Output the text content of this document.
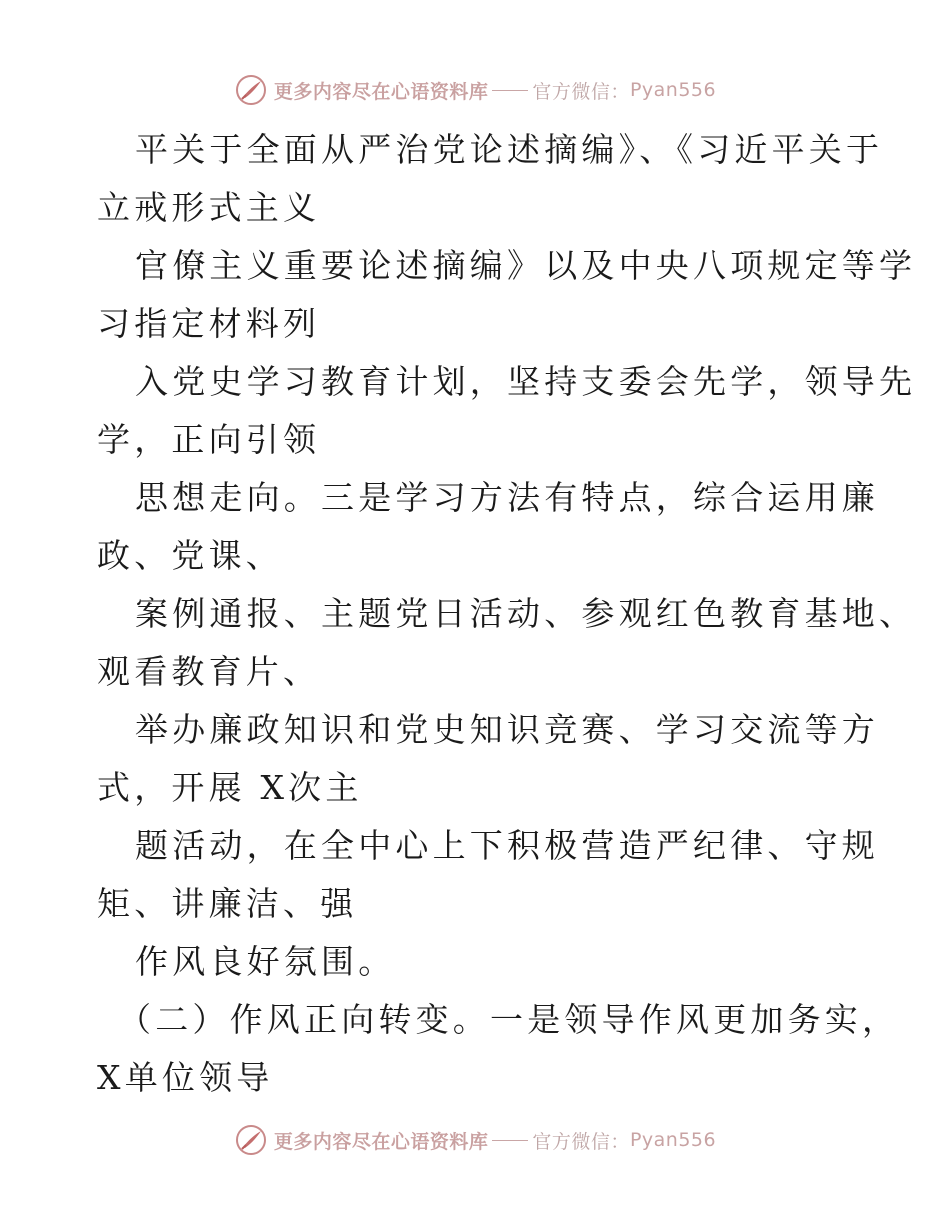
更多内容尽在心语资料库 官方微信： Pyan556
平关于全面从严治党论述摘编》、《习近平关于
立戒形式主义
官僚主义重要论述摘编》以及中央八项规定等学
习指定材料列
入党史学习教育计划，坚持支委会先学，领导先
学，正向引领
思想走向。三是学习方法有特点，综合运用廉
政、党课、
案例通报、主题党日活动、参观红色教育基地、
观看教育片、
举办廉政知识和党史知识竞赛、学习交流等方
式，开展 X次主
题活动，在全中心上下积极营造严纪律、守规
矩、讲廉洁、强
作风良好氛围。
（二）作风正向转变。一是领导作风更加务实，
X单位领导
更多内容尽在心语资料库 官方微信： Pyan556
